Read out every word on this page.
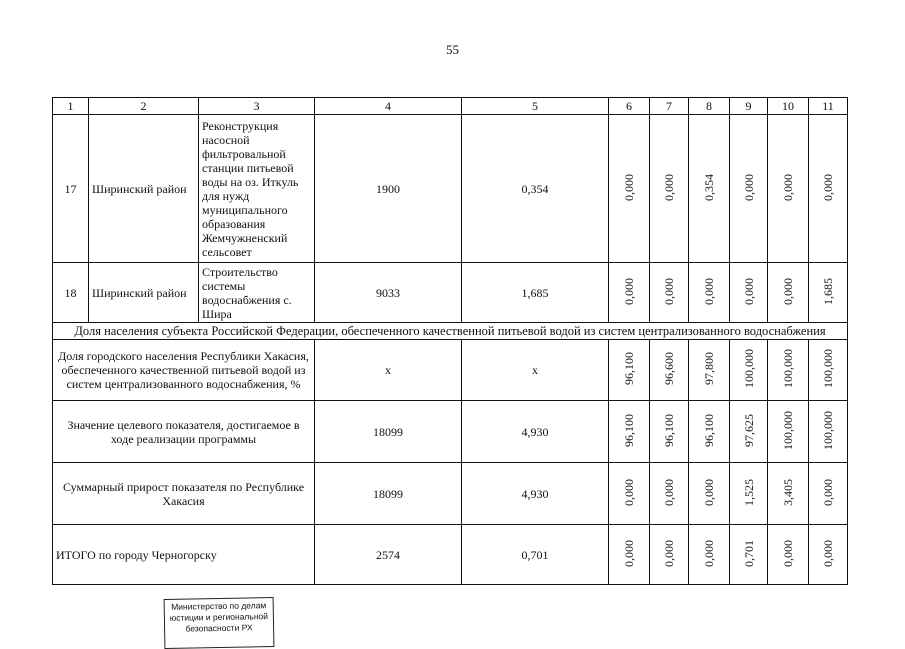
55
1	2	3	4	5	6	7	8	9	10	11
17	Ширинский район	Реконструкция насосной фильтровальной станции питьевой воды на оз. Иткуль для нужд муниципального образования Жемчужненский сельсовет	1900	0,354	0,000	0,000	0,354	0,000	0,000	0,000
18	Ширинский район	Строительство системы водоснабжения с. Шира	9033	1,685	0,000	0,000	0,000	0,000	0,000	1,685
Доля населения субъекта Российской Федерации, обеспеченного качественной питьевой водой из систем централизованного водоснабжения										
Доля городского населения Республики Хакасия, обеспеченного качественной питьевой водой из систем централизованного водоснабжения, %			x	x	96,100	96,600	97,800	100,000	100,000	100,000
Значение целевого показателя, достигаемое в ходе реализации программы			18099	4,930	96,100	96,100	96,100	97,625	100,000	100,000
Суммарный прирост показателя по Республике Хакасия			18099	4,930	0,000	0,000	0,000	1,525	3,405	0,000
ИТОГО по городу Черногорску			2574	0,701	0,000	0,000	0,000	0,701	0,000	0,000
Министерство по делам
юстиции и региональной
безопасности РХ
